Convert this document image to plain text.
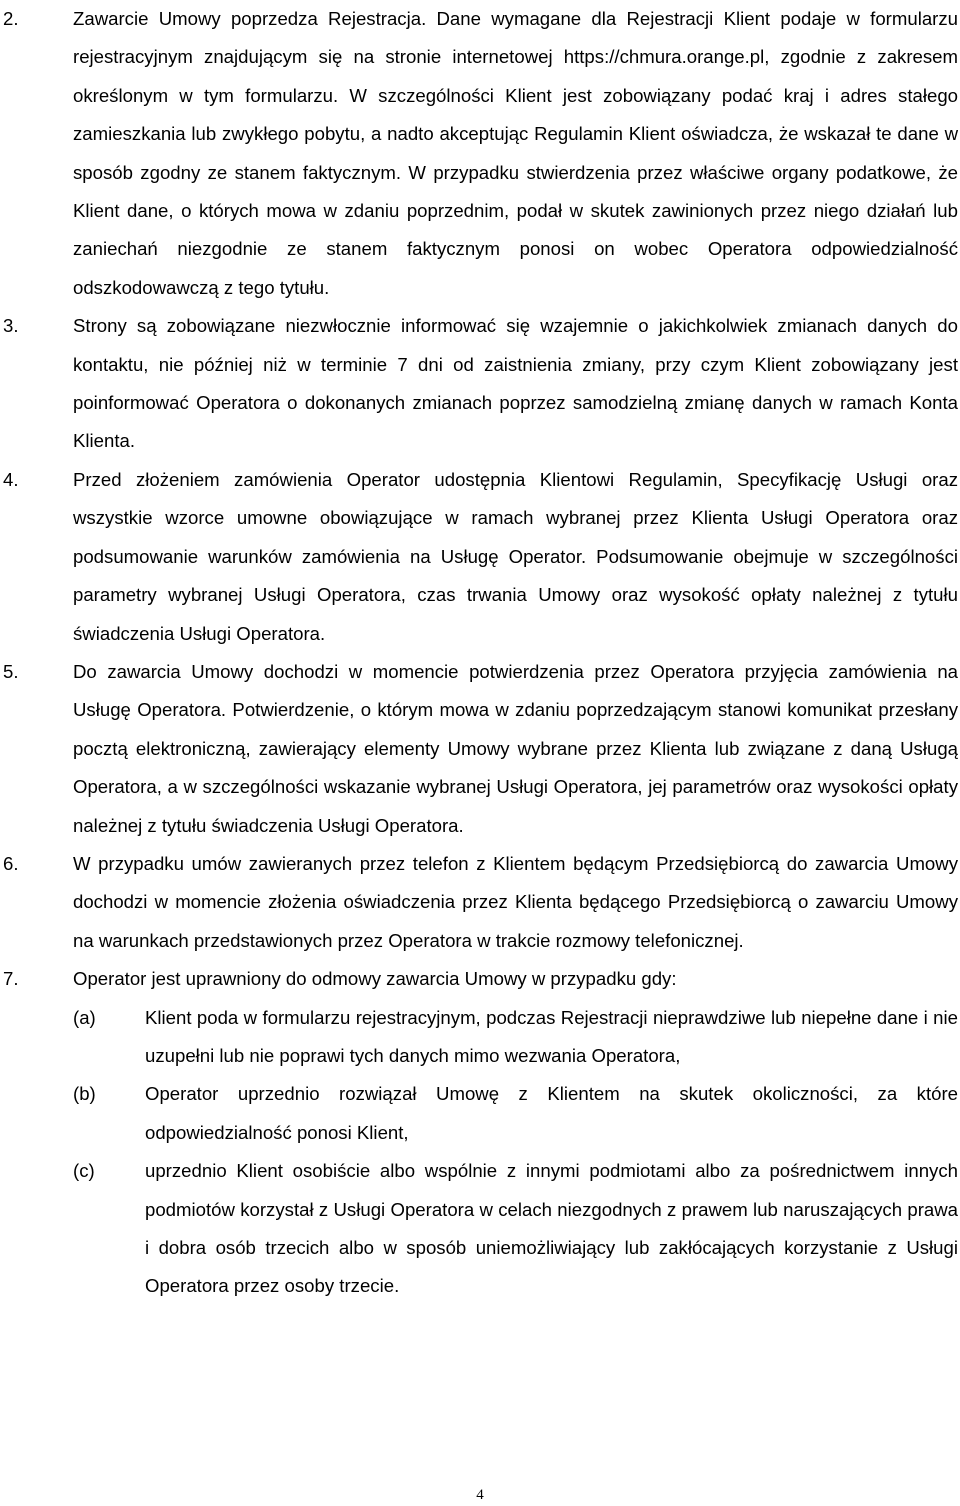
2.	Zawarcie Umowy poprzedza Rejestracja. Dane wymagane dla Rejestracji Klient podaje w formularzu rejestracyjnym znajdującym się na stronie internetowej https://chmura.orange.pl, zgodnie z zakresem określonym w tym formularzu. W szczególności Klient jest zobowiązany podać kraj i adres stałego zamieszkania lub zwykłego pobytu, a nadto akceptując Regulamin Klient oświadcza, że wskazał te dane w sposób zgodny ze stanem faktycznym. W przypadku stwierdzenia przez właściwe organy podatkowe, że Klient dane, o których mowa w zdaniu poprzednim, podał w skutek zawinionych przez niego działań lub zaniechań niezgodnie ze stanem faktycznym ponosi on wobec Operatora odpowiedzialność odszkodowawczą z tego tytułu.
3.	Strony są zobowiązane niezwłocznie informować się wzajemnie o jakichkolwiek zmianach danych do kontaktu, nie później niż w terminie 7 dni od zaistnienia zmiany, przy czym Klient zobowiązany jest poinformować Operatora o dokonanych zmianach poprzez samodzielną zmianę danych w ramach Konta Klienta.
4.	Przed złożeniem zamówienia Operator udostępnia Klientowi Regulamin, Specyfikację Usługi oraz wszystkie wzorce umowne obowiązujące w ramach wybranej przez Klienta Usługi Operatora oraz podsumowanie warunków zamówienia na Usługę Operator. Podsumowanie obejmuje w szczególności parametry wybranej Usługi Operatora, czas trwania Umowy oraz wysokość opłaty należnej z tytułu świadczenia Usługi Operatora.
5.	Do zawarcia Umowy dochodzi w momencie potwierdzenia przez Operatora przyjęcia zamówienia na Usługę Operatora. Potwierdzenie, o którym mowa w zdaniu poprzedzającym stanowi komunikat przesłany pocztą elektroniczną, zawierający elementy Umowy wybrane przez Klienta lub związane z daną Usługą Operatora, a w szczególności wskazanie wybranej Usługi Operatora, jej parametrów oraz wysokości opłaty należnej z tytułu świadczenia Usługi Operatora.
6.	W przypadku umów zawieranych przez telefon z Klientem będącym Przedsiębiorcą do zawarcia Umowy dochodzi w momencie złożenia oświadczenia przez Klienta będącego Przedsiębiorcą o zawarciu Umowy na warunkach przedstawionych przez Operatora w trakcie rozmowy telefonicznej.
7.	Operator jest uprawniony do odmowy zawarcia Umowy w przypadku gdy:
(a)	Klient poda w formularzu rejestracyjnym, podczas Rejestracji nieprawdziwe lub niepełne dane i nie uzupełni lub nie poprawi tych danych mimo wezwania Operatora,
(b)	Operator uprzednio rozwiązał Umowę z Klientem na skutek okoliczności, za które odpowiedzialność ponosi Klient,
(c)	uprzednio Klient osobiście albo wspólnie z innymi podmiotami albo za pośrednictwem innych podmiotów korzystał z Usługi Operatora w celach niezgodnych z prawem lub naruszających prawa i dobra osób trzecich albo w sposób uniemożliwiający lub zakłócających korzystanie z Usługi Operatora przez osoby trzecie.
4
